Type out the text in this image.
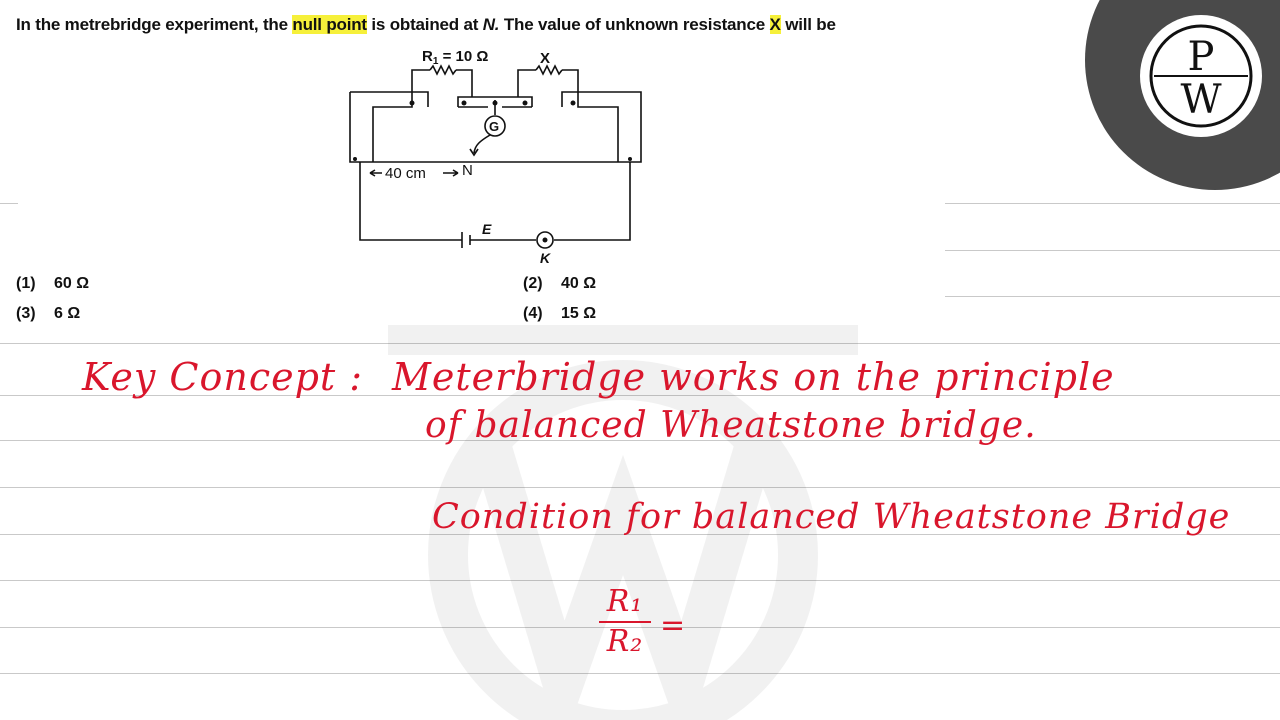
In the metrebridge experiment, the null point is obtained at N. The value of unknown resistance X will be
$R_1 = 10$ Ω	X
G
40 cm N
E
K
(1) 60 Ω	(2) 40 Ω
(3) 6 Ω	(4) 15 Ω
P
W
Key Concept : Meterbridge works on the principle
of balanced Wheatstone bridge.
Condition for balanced Wheatstone Bridge
R₁
R₂ =
